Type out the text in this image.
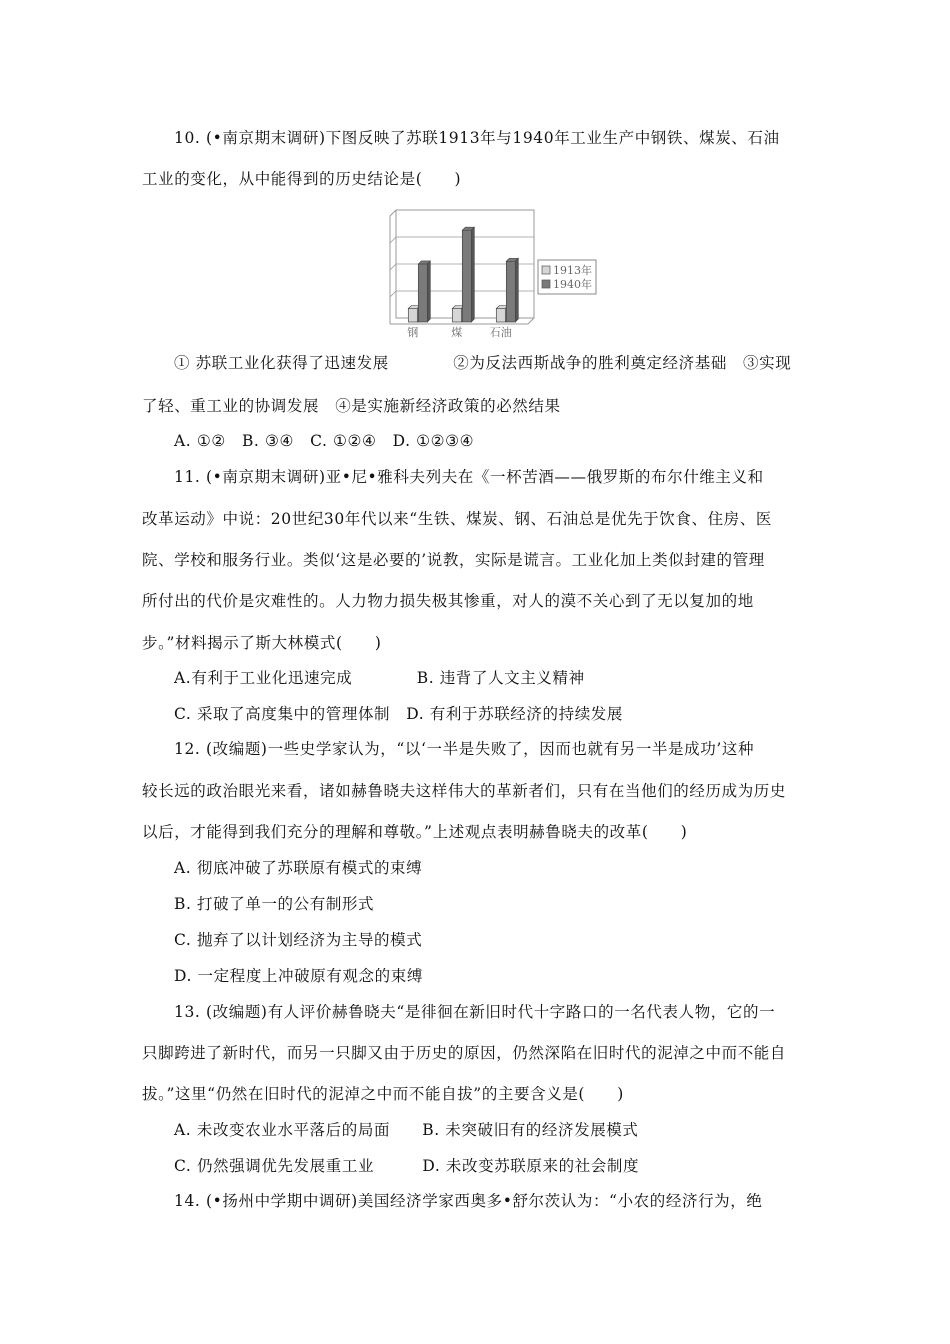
10. (•南京期末调研)下图反映了苏联1913年与1940年工业生产中钢铁、煤炭、石油
工业的变化，从中能得到的历史结论是(　　)
钢	煤	石油
1913年
1940年
① 苏联工业化获得了迅速发展　　　　②为反法西斯战争的胜利奠定经济基础　③实现
了轻、重工业的协调发展　④是实施新经济政策的必然结果
A. ①②　B. ③④　C. ①②④　D. ①②③④
11. (•南京期末调研)亚•尼•雅科夫列夫在《一杯苦酒——俄罗斯的布尔什维主义和
改革运动》中说：20世纪30年代以来“生铁、煤炭、钢、石油总是优先于饮食、住房、医
院、学校和服务行业。类似‘这是必要的’说教，实际是谎言。工业化加上类似封建的管理
所付出的代价是灾难性的。人力物力损失极其惨重，对人的漠不关心到了无以复加的地
步。”材料揭示了斯大林模式(　　)
A.有利于工业化迅速完成　　　　B. 违背了人文主义精神
C. 采取了高度集中的管理体制　D. 有利于苏联经济的持续发展
12. (改编题)一些史学家认为，“以‘一半是失败了，因而也就有另一半是成功’这种
较长远的政治眼光来看，诸如赫鲁晓夫这样伟大的革新者们，只有在当他们的经历成为历史
以后，才能得到我们充分的理解和尊敬。”上述观点表明赫鲁晓夫的改革(　　)
A. 彻底冲破了苏联原有模式的束缚
B. 打破了单一的公有制形式
C. 抛弃了以计划经济为主导的模式
D. 一定程度上冲破原有观念的束缚
13. (改编题)有人评价赫鲁晓夫“是徘徊在新旧时代十字路口的一名代表人物，它的一
只脚跨进了新时代，而另一只脚又由于历史的原因，仍然深陷在旧时代的泥淖之中而不能自
拔。”这里“仍然在旧时代的泥淖之中而不能自拔”的主要含义是(　　)
A. 未改变农业水平落后的局面　　B. 未突破旧有的经济发展模式
C. 仍然强调优先发展重工业　　　D. 未改变苏联原来的社会制度
14. (•扬州中学期中调研)美国经济学家西奥多•舒尔茨认为：“小农的经济行为，绝
